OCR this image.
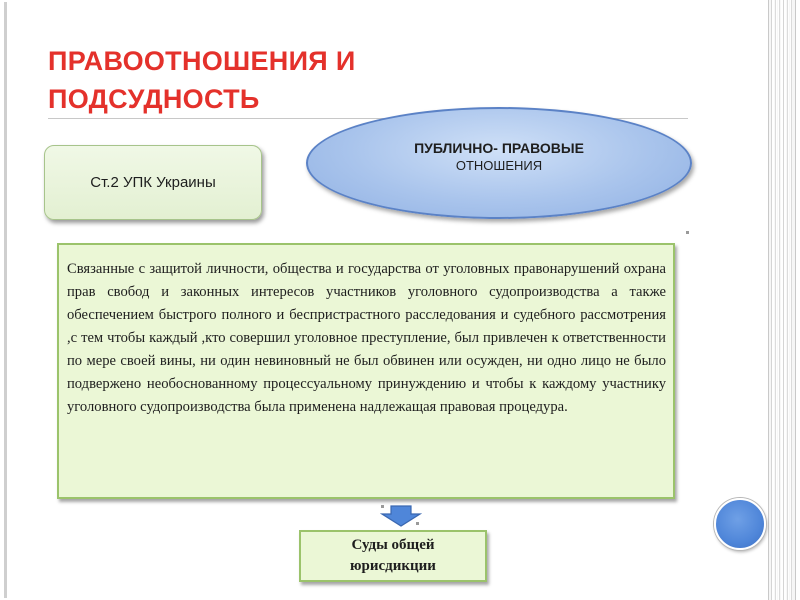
ПРАВООТНОШЕНИЯ И ПОДСУДНОСТЬ
Ст.2 УПК Украины
ПУБЛИЧНО- ПРАВОВЫЕ
ОТНОШЕНИЯ

Связанные с защитой личности, общества и государства от уголовных правонарушений охрана прав свобод и законных интересов участников уголовного судопроизводства а также обеспечением быстрого полного и беспристрастного расследования и судебного рассмотрения ,с тем чтобы каждый ,кто совершил уголовное преступление, был привлечен к ответственности по мере своей вины, ни один невиновный не был обвинен или осужден, ни одно лицо не было подвержено необоснованному процессуальному принуждению и чтобы к каждому участнику уголовного судопроизводства была применена надлежащая правовая процедура.

Суды общей
юрисдикции
